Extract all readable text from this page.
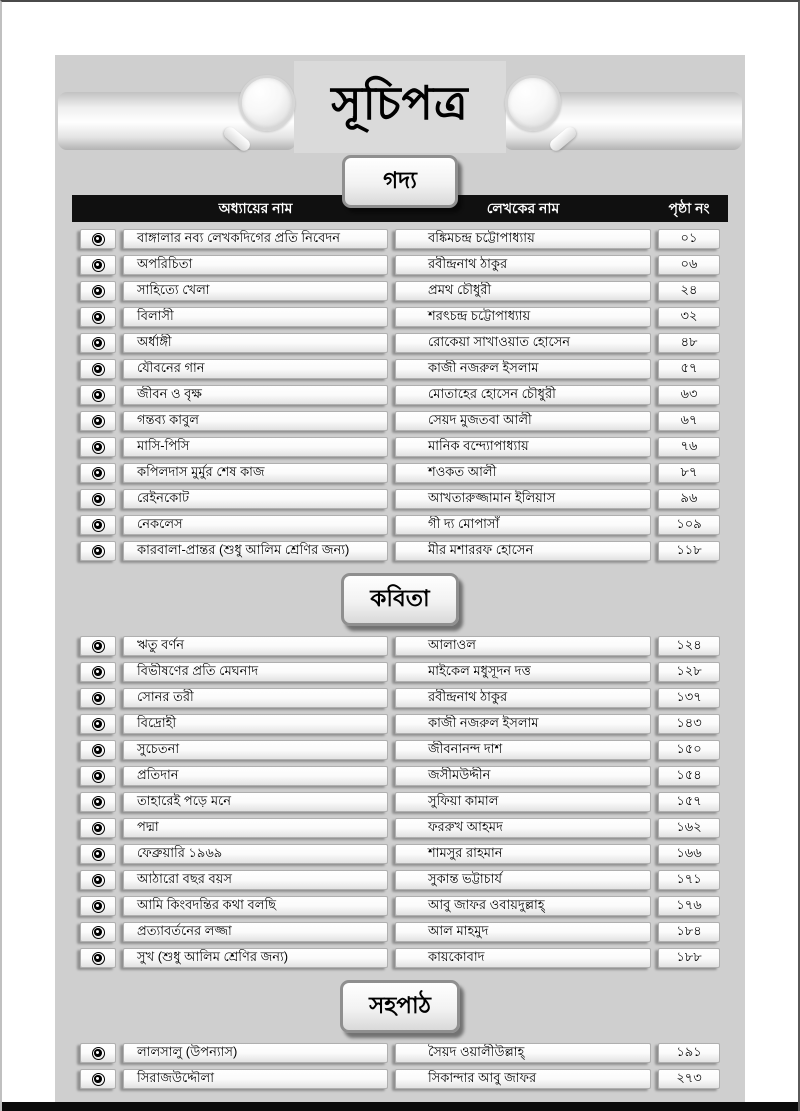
সূচিপত্র
গদ্য
অধ্যায়ের নাম	লেখকের নাম	পৃষ্ঠা নং
বাঙ্গালার নব্য লেখকদিগের প্রতি নিবেদন	বঙ্কিমচন্দ্র চট্টোপাধ্যায়	০১
অপরিচিতা	রবীন্দ্রনাথ ঠাকুর	০৬
সাহিত্যে খেলা	প্রমথ চৌধুরী	২৪
বিলাসী	শরৎচন্দ্র চট্টোপাধ্যায়	৩২
অর্ধাঙ্গী	রোকেয়া সাখাওয়াত হোসেন	৪৮
যৌবনের গান	কাজী নজরুল ইসলাম	৫৭
জীবন ও বৃক্ষ	মোতাহের হোসেন চৌধুরী	৬৩
গন্তব্য কাবুল	সেয়দ মুজতবা আলী	৬৭
মাসি-পিসি	মানিক বন্দ্যোপাধ্যায়	৭৬
কপিলদাস মুর্মুর শেষ কাজ	শওকত আলী	৮৭
রেইনকোট	আখতারুজ্জামান ইলিয়াস	৯৬
নেকলেস	গী দ্য মোপাসাঁ	১০৯
কারবালা-প্রান্তর (শুধু আলিম শ্রেণির জন্য)	মীর মশাররফ হোসেন	১১৮
কবিতা
ঋতু বর্ণন	আলাওল	১২৪
বিভীষণের প্রতি মেঘনাদ	মাইকেল মধুসূদন দত্ত	১২৮
সোনর তরী	রবীন্দ্রনাথ ঠাকুর	১৩৭
বিদ্রোহী	কাজী নজরুল ইসলাম	১৪৩
সুচেতনা	জীবনানন্দ দাশ	১৫০
প্রতিদান	জসীমউদ্দীন	১৫৪
তাহারেই পড়ে মনে	সুফিয়া কামাল	১৫৭
পদ্মা	ফররুখ আহমদ	১৬২
ফেব্রুয়ারি ১৯৬৯	শামসুর রাহমান	১৬৬
আঠারো বছর বয়স	সুকান্ত ভট্টাচার্য	১৭১
আমি কিংবদন্তির কথা বলছি	আবু জাফর ওবায়দুল্লাহ্	১৭৬
প্রত্যাবর্তনের লজ্জা	আল মাহমুদ	১৮৪
সুখ (শুধু আলিম শ্রেণির জন্য)	কায়কোবাদ	১৮৮
সহপাঠ
লালসালু (উপন্যাস)	সৈয়দ ওয়ালীউল্লাহ্	১৯১
সিরাজউদ্দৌলা	সিকান্দার আবু জাফর	২৭৩
